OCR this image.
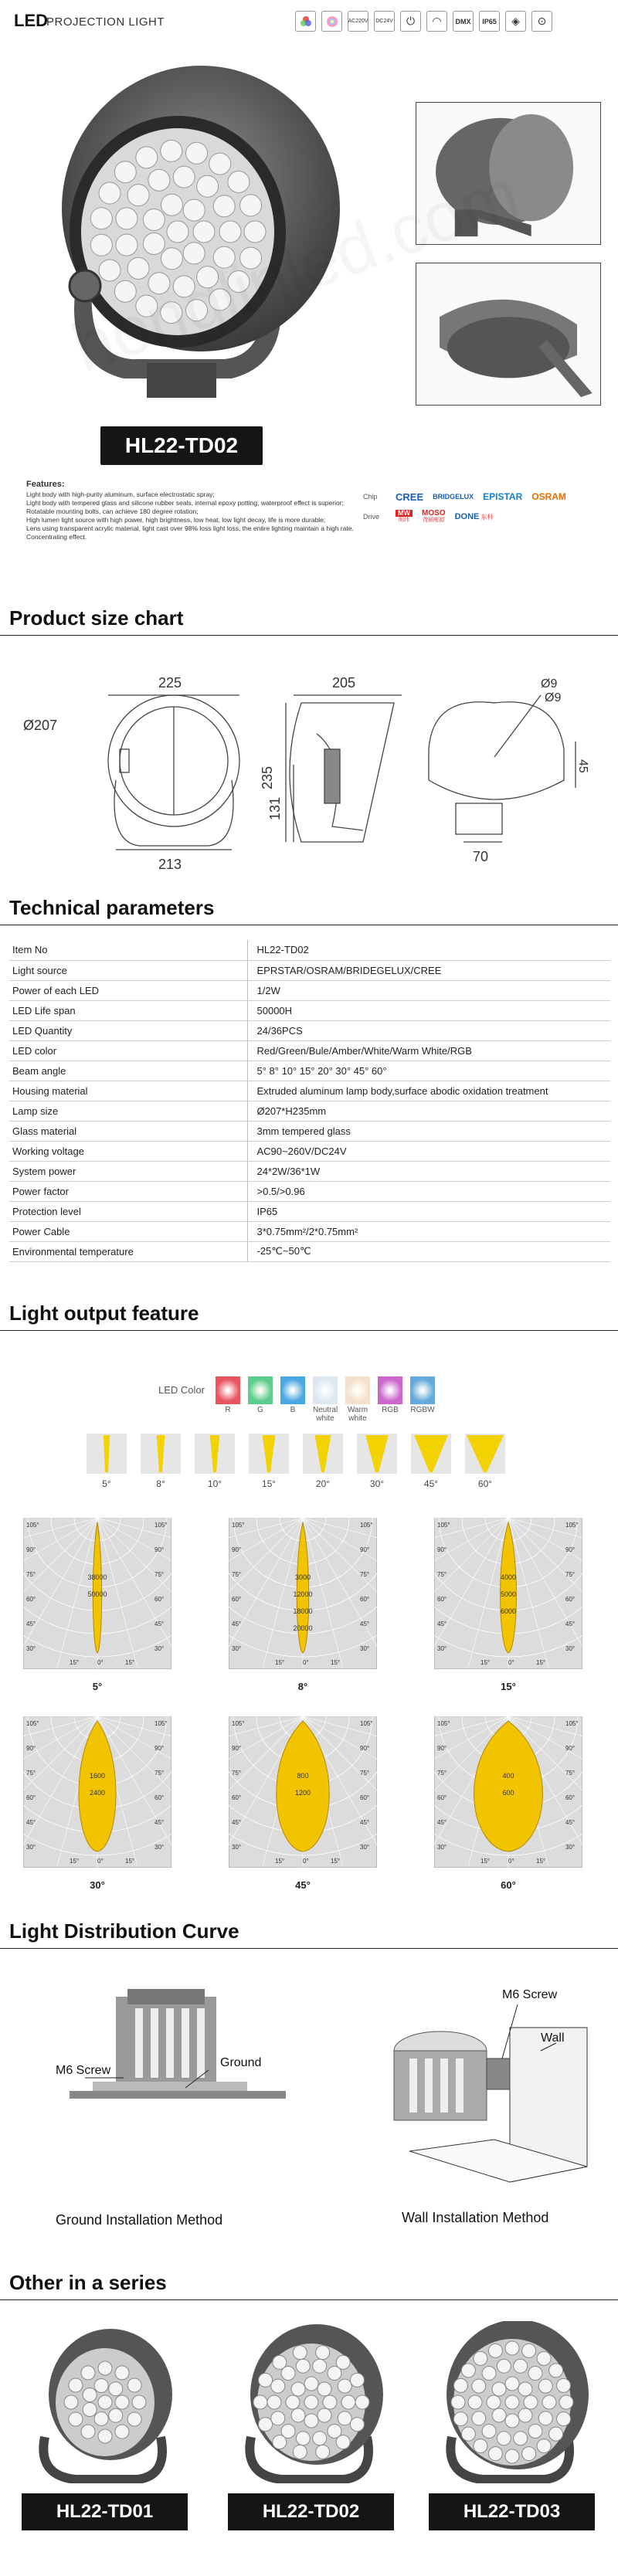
LED
PROJECTION LIGHT	AC220V	DC24V	⏻	◠	DMX	IP65	◈	⊙
HL22-TD02
Features:
Light body with high-purity aluminum, surface electrostatic spray;
Light body with tempered glass and silicone rubber seals, internal epoxy potting, waterproof effect is superior;
Rotatable mounting bolts, can achieve 180 degree rotation;
High lumen light source with high power, high brightness, low heat, low light decay, life is more durable;
Lens using transparent acrylic material, light cast over 98% loss light loss, the entire lighting maintain a high rate. Concentrating effect.
Chip	CREE BRIDGELUX EPISTAR OSRAM
Drive	MW
明纬
MOSO
茂硕电源 DONE 东科
Product size chart
225
Ø207
213
205
235
131
Ø9
Ø9
45
70
Technical parameters
Item No	HL22-TD02
Light source	EPRSTAR/OSRAM/BRIDEGELUX/CREE
Power of each LED	1/2W
LED Life span	50000H
LED Quantity	24/36PCS
LED color	Red/Green/Bule/Amber/White/Warm White/RGB
Beam angle	5° 8° 10° 15° 20° 30° 45° 60°
Housing material	Extruded aluminum lamp body,surface abodic oxidation treatment
Lamp size	Ø207*H235mm
Glass material	3mm tempered glass
Working voltage	AC90~260V/DC24V
System power	24*2W/36*1W
Power factor	>0.5/>0.96
Protection level	IP65
Power Cable	3*0.75mm²/2*0.75mm²
Environmental temperature	-25℃~50℃
Light output feature
LED Color
R	G	B	Neutral white
Warm white
RGB	RGBW
5°	8°	10°	15°	20°	30°	45°	60°
38000
50000
105°	105°
90°	90°
75°	75°
60°	60°
45°	45°
30°	30°
15°	0°	15°
5°
3000
12000
18000
20000
105°	105°
90°	90°
75°	75°
60°	60°
45°	45°
30°	30°
15°	0°	15°
8°
4000
5000
6000
105°	105°
90°	90°
75°	75°
60°	60°
45°	45°
30°	30°
15°	0°	15°
15°
1600
2400
105°	105°
90°	90°
75°	75°
60°	60°
45°	45°
30°	30°
15°	0°	15°
30°
800
1200
105°	105°
90°	90°
75°	75°
60°	60°
45°	45°
30°	30°
15°	0°	15°
45°
400
600
105°	105°
90°	90°
75°	75°
60°	60°
45°	45°
30°	30°
15°	0°	15°
60°
Light Distribution Curve
M6 Screw
Ground
Ground Installation Method
M6 Screw
Wall
Wall Installation Method
Other in a series
HL22-TD01	HL22-TD02	HL22-TD03
